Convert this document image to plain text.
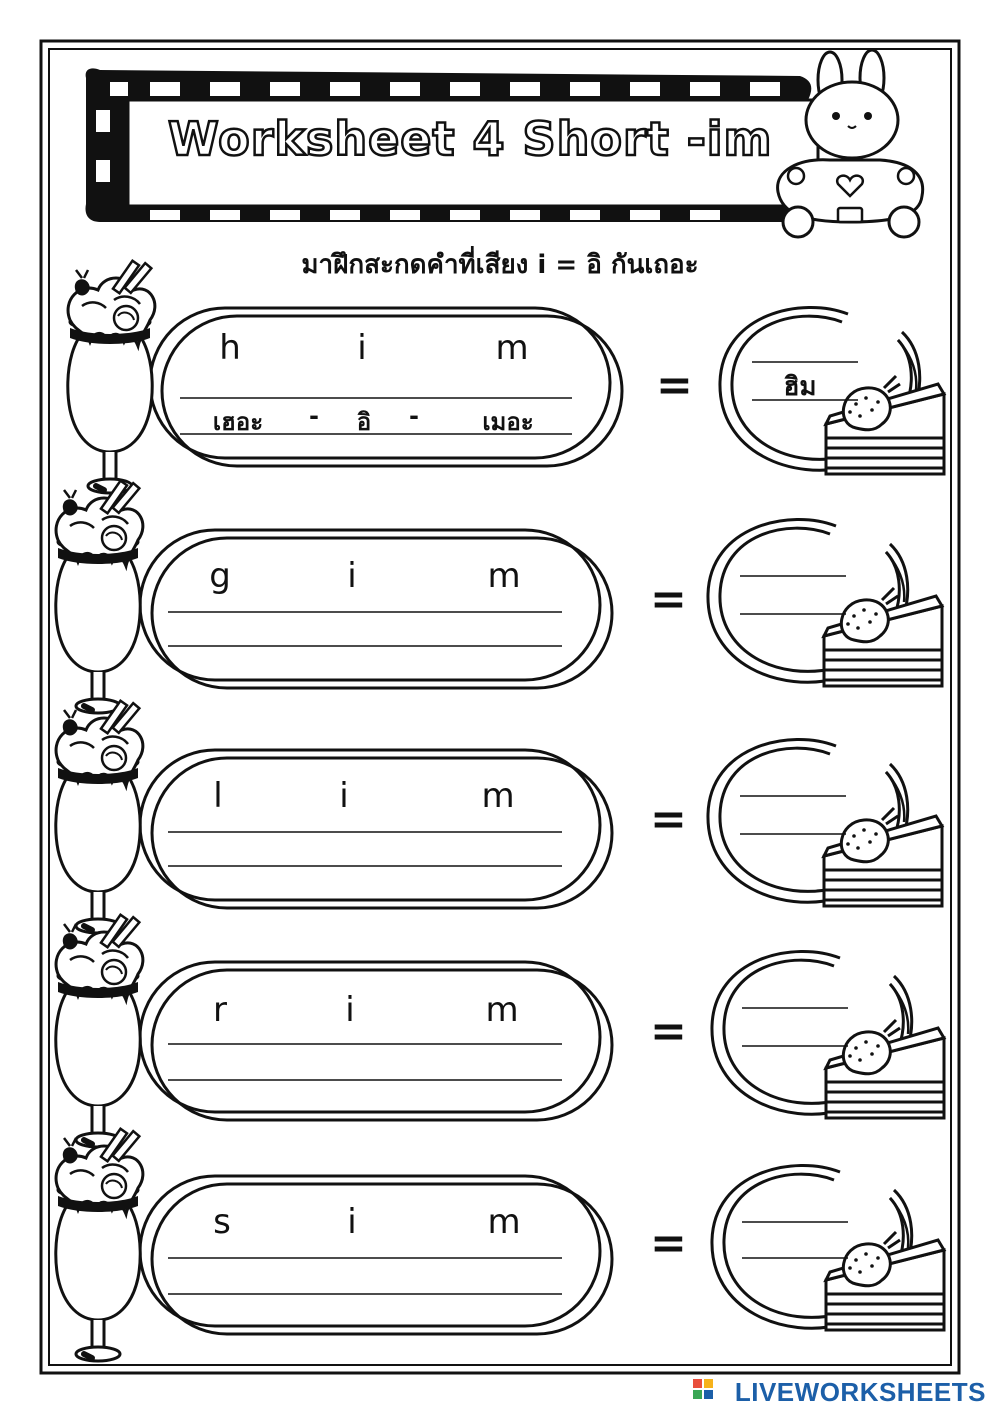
Worksheet 4 Short -im
มาฝึกสะกดคำที่เสียง i = อิ กันเถอะ
h	i	m
เฮอะ - อิ -	เมอะ
=	ฮิม
g	i	m	=
l	i	m	=
r	i	m	=
s	i	m	=
LIVEWORKSHEETS
